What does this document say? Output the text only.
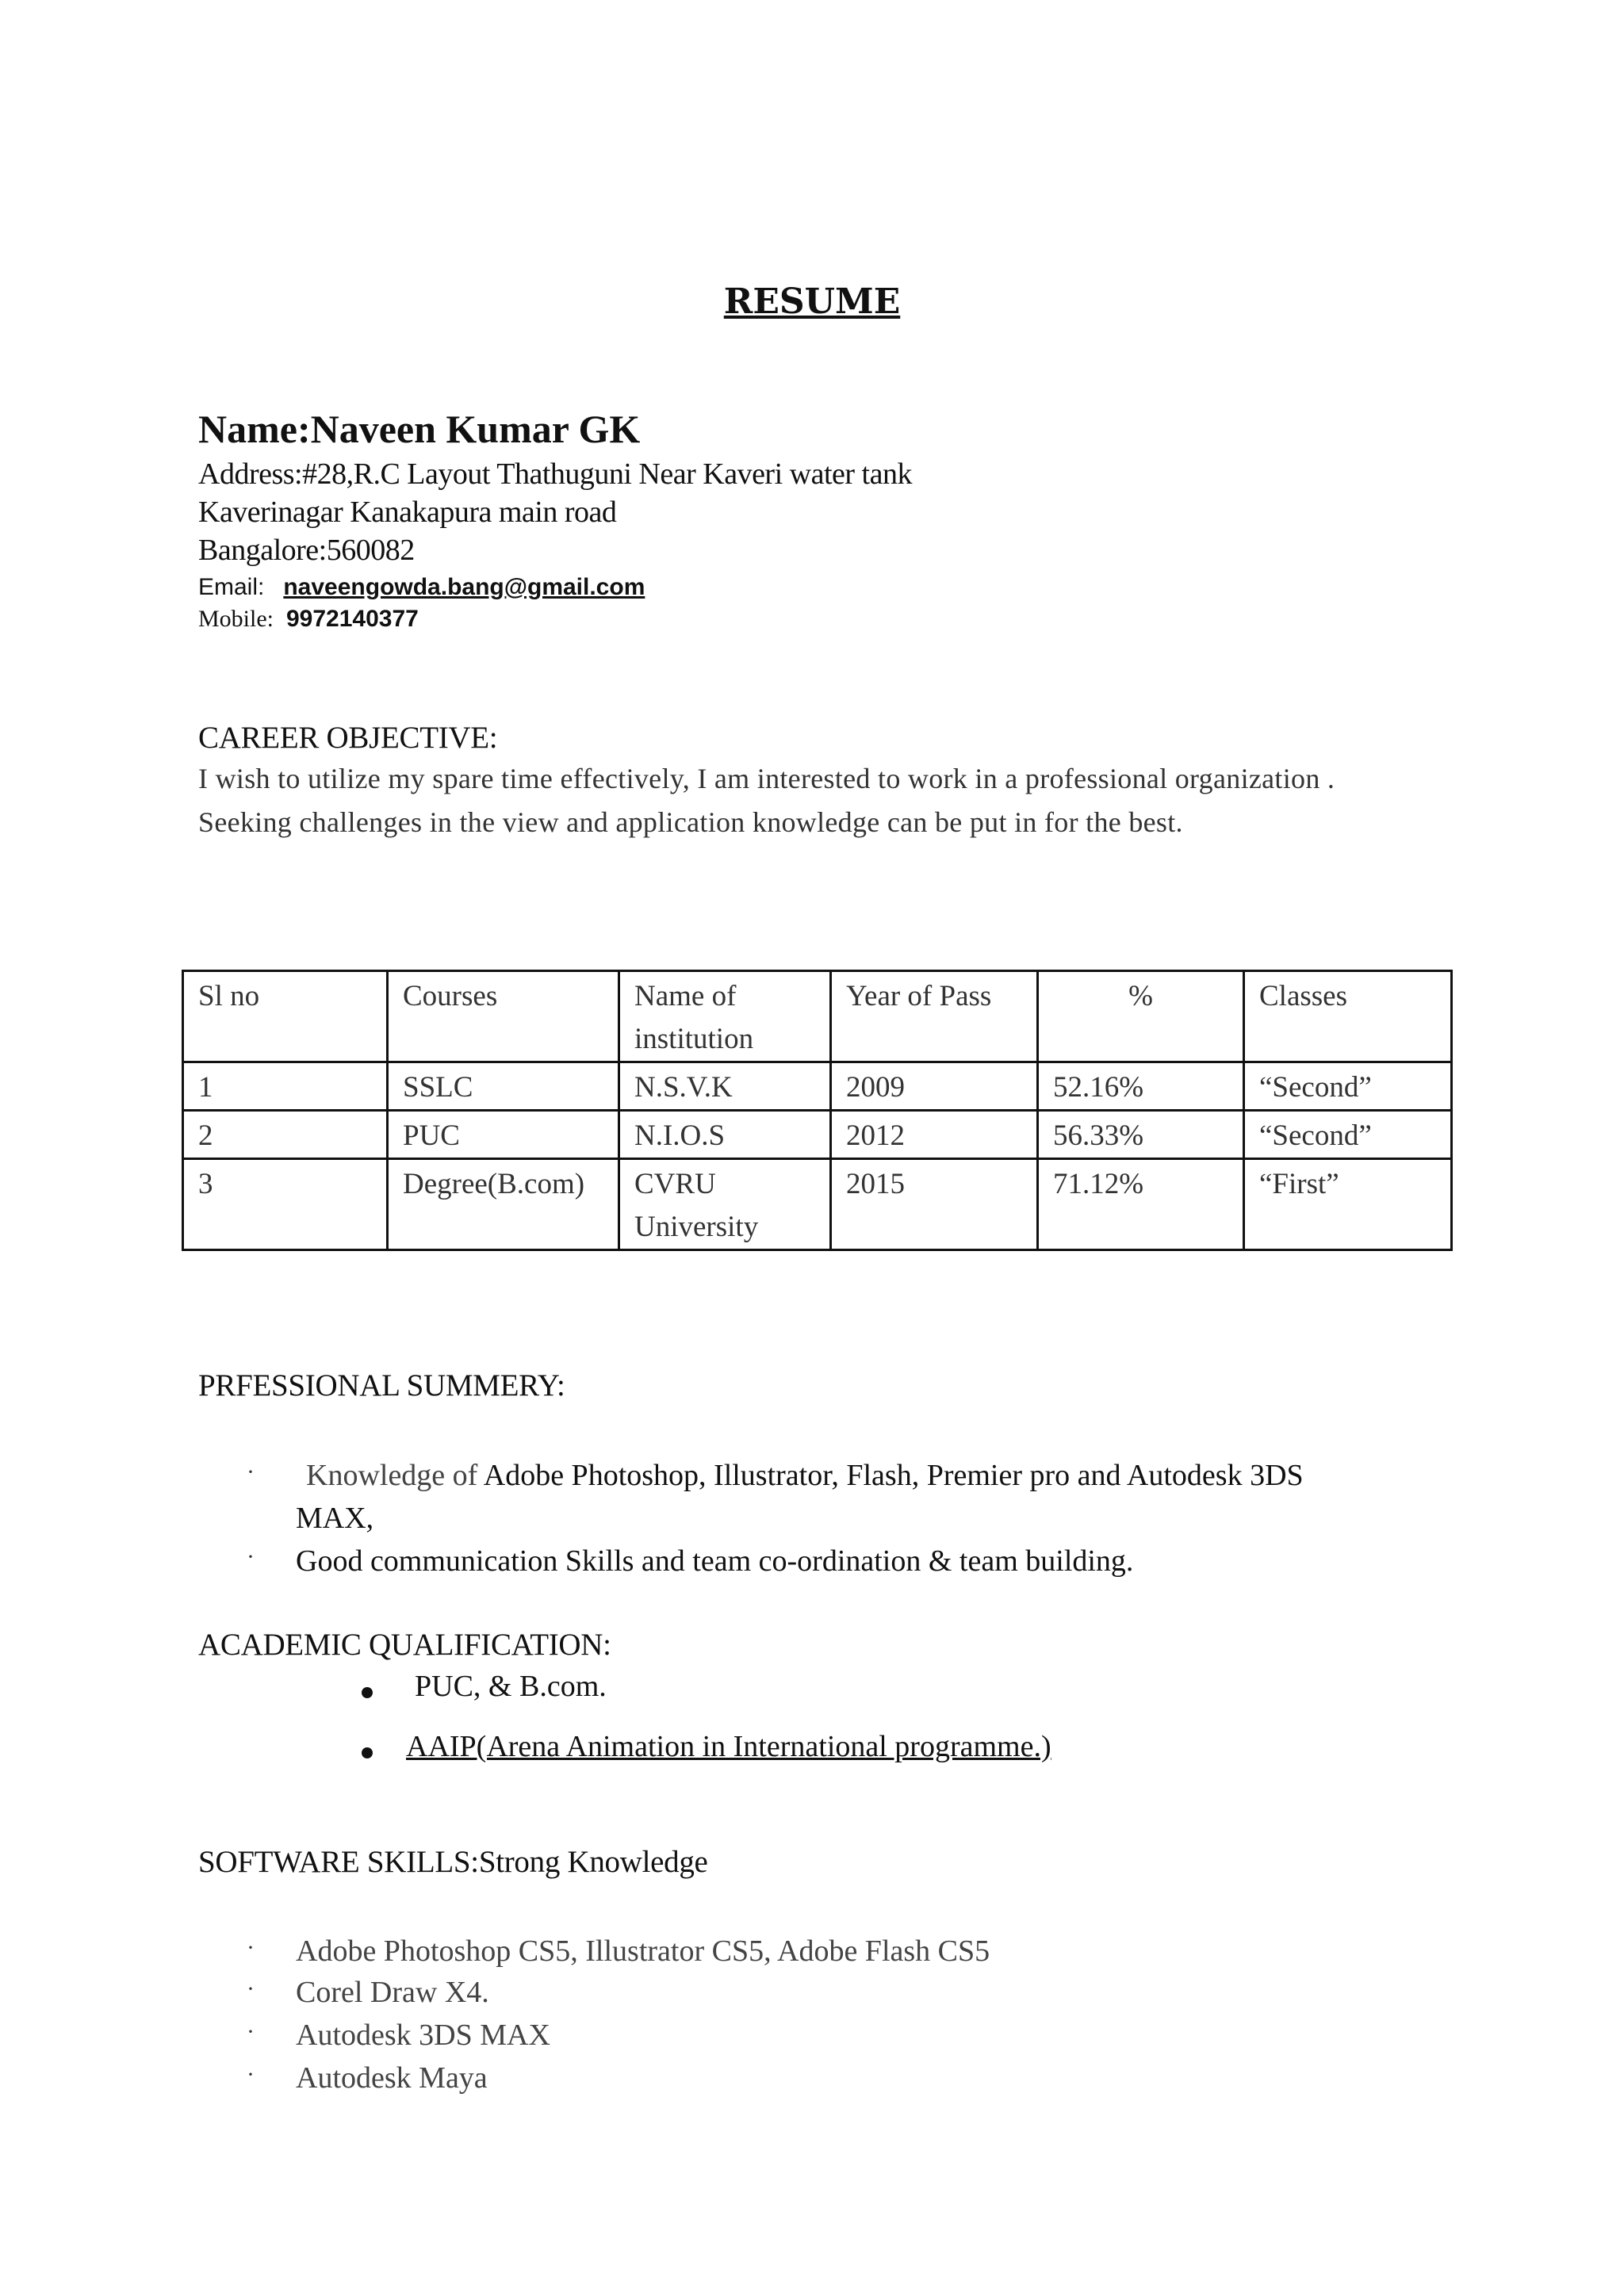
RESUME
Name:Naveen Kumar GK
Address:#28,R.C Layout Thathuguni Near Kaveri water tank
Kaverinagar Kanakapura main road
Bangalore:560082
Email: naveengowda.bang@gmail.com
Mobile: 9972140377
CAREER OBJECTIVE:
I wish to utilize my spare time effectively, I am interested to work in a professional organization . Seeking challenges in the view and application knowledge can be put in for the best.
Sl no	Courses	Name of institution	Year of Pass	%	Classes
1	SSLC	N.S.V.K	2009	52.16%	“Second”
2	PUC	N.I.O.S	2012	56.33%	“Second”
3	Degree(B.com)	CVRU University	2015	71.12%	“First”
PRFESSIONAL SUMMERY:
· Knowledge of Adobe Photoshop, Illustrator, Flash, Premier pro and Autodesk 3DS
MAX,
· Good communication Skills and team co-ordination & team building.
ACADEMIC QUALIFICATION:
PUC, & B.com.
AAIP(Arena Animation in International programme.)
SOFTWARE SKILLS:Strong Knowledge
· Adobe Photoshop CS5, Illustrator CS5, Adobe Flash CS5
· Corel Draw X4.
· Autodesk 3DS MAX
· Autodesk Maya
